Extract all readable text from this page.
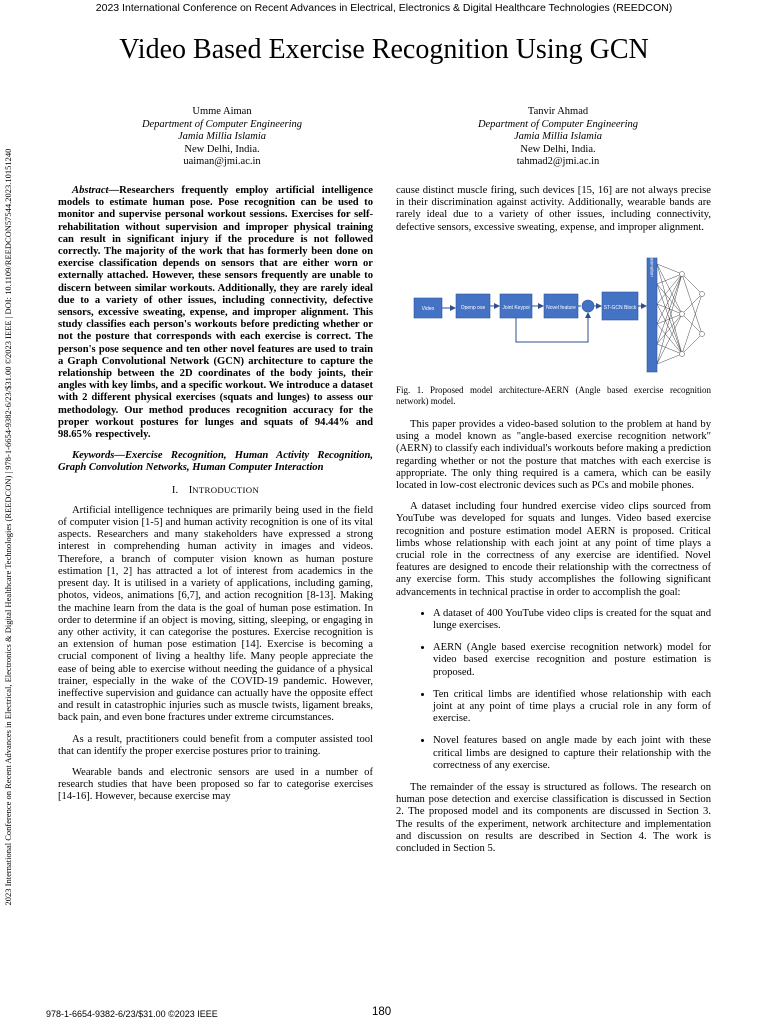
2023 International Conference on Recent Advances in Electrical, Electronics & Digital Healthcare Technologies (REEDCON)
2023 International Conference on Recent Advances in Electrical, Electronics & Digital Healthcare Technologies (REEDCON) | 978-1-6654-9382-6/23/$31.00 ©2023 IEEE | DOI: 10.1109/REEDCON57544.2023.10151240
Video Based Exercise Recognition Using GCN
Umme Aiman
Department of Computer Engineering
Jamia Millia Islamia
New Delhi, India.
uaiman@jmi.ac.in
Tanvir Ahmad
Department of Computer Engineering
Jamia Millia Islamia
New Delhi, India.
tahmad2@jmi.ac.in

Abstract—Researchers frequently employ artificial intelligence models to estimate human pose. Pose recognition can be used to monitor and supervise personal workout sessions. Exercises for self-rehabilitation without supervision and improper physical training can result in significant injury if the procedure is not followed correctly. The majority of the work that has formerly been done on exercise classification depends on sensors that are either worn or externally attached. However, these sensors frequently are unable to discern between similar workouts. Additionally, they are rarely ideal due to a variety of other issues, including connectivity, defective sensors, excessive sweating, expense, and improper alignment. This study classifies each person's workouts before predicting whether or not the posture that corresponds with each exercise is correct. The person's pose sequence and ten other novel features are used to train a Graph Convolutional Network (GCN) architecture to capture the relationship between the 2D coordinates of the body joints, their angles with key limbs, and a specific workout. We introduce a dataset with 2 different physical exercises (squats and lunges) to assess our methodology. Our method produces recognition accuracy for the proper workout postures for lunges and squats of 94.44% and 98.65% respectively.

Keywords—Exercise Recognition, Human Activity Recognition, Graph Convolution Networks, Human Computer Interaction

I. INTRODUCTION

Artificial intelligence techniques are primarily being used in the field of computer vision [1-5] and human activity recognition is one of its vital aspects. Researchers and many stakeholders have expressed a strong interest in comprehending human activity in images and videos. Therefore, a branch of computer vision known as human posture estimation [1, 2] has attracted a lot of interest from academics in the present day. It is utilised in a variety of applications, including gaming, photos, videos, animations [6,7], and action recognition [8-13]. Making the machine learn from the data is the goal of human pose estimation. In order to determine if an object is moving, sitting, sleeping, or engaging in any other activity, it can categorise the postures. Exercise recognition is an extension of human pose estimation [14]. Exercise is becoming a crucial component of living a healthy life. Many people appreciate the ease of being able to exercise without needing the guidance of a physical trainer, especially in the wake of the COVID-19 pandemic. However, ineffective supervision and guidance can actually have the opposite effect and result in catastrophic injuries such as muscle twists, ligament breaks, back pain, and even bone fractures under extreme circumstances.

As a result, practitioners could benefit from a computer assisted tool that can identify the proper exercise postures prior to training.

Wearable bands and electronic sensors are used in a number of research studies that have been proposed so far to categorise exercises [14-16]. However, because exercise may

cause distinct muscle firing, such devices [15, 16] are not always precise in their discrimination against activity. Additionally, wearable bands are rarely ideal due to a variety of other issues, including connectivity, defective sensors, excessive sweating, expense, and improper alignment.

Video	Openp ose	Joint Keypoi	Novel feature	ST-GCN Block
Concatenation
Fig. 1. Proposed model architecture-AERN (Angle based exercise recognition network) model.

This paper provides a video-based solution to the problem at hand by using a model known as "angle-based exercise recognition network" (AERN) to classify each individual's workouts before making a prediction regarding whether or not the posture that matches with each exercise is appropriate. The only thing required is a camera, which can be easily located in low-cost electronic devices such as PCs and mobile phones.

A dataset including four hundred exercise video clips sourced from YouTube was developed for squats and lunges. Video based exercise recognition and posture estimation model AERN is proposed. Critical limbs whose relationship with each joint at any point of time plays a crucial role in the correctness of any exercise are identified. Novel features are designed to encode their relationship with the correctness of any exercise form. This study accomplishes the following significant advancements in technical practise in order to accomplish the goal:

• A dataset of 400 YouTube video clips is created for the squat and lunge exercises.
• AERN (Angle based exercise recognition network) model for video based exercise recognition and posture estimation is proposed.
• Ten critical limbs are identified whose relationship with each joint at any point of time plays a crucial role in any form of exercise.
• Novel features based on angle made by each joint with these critical limbs are designed to capture their relationship with the correctness of any exercise.

The remainder of the essay is structured as follows. The research on human pose detection and exercise classification is discussed in Section 2. The proposed model and its components are discussed in Section 3. The results of the experiment, network architecture and implementation and discussion on results are described in Section 4. The work is concluded in Section 5.

978-1-6654-9382-6/23/$31.00 ©2023 IEEE	180
